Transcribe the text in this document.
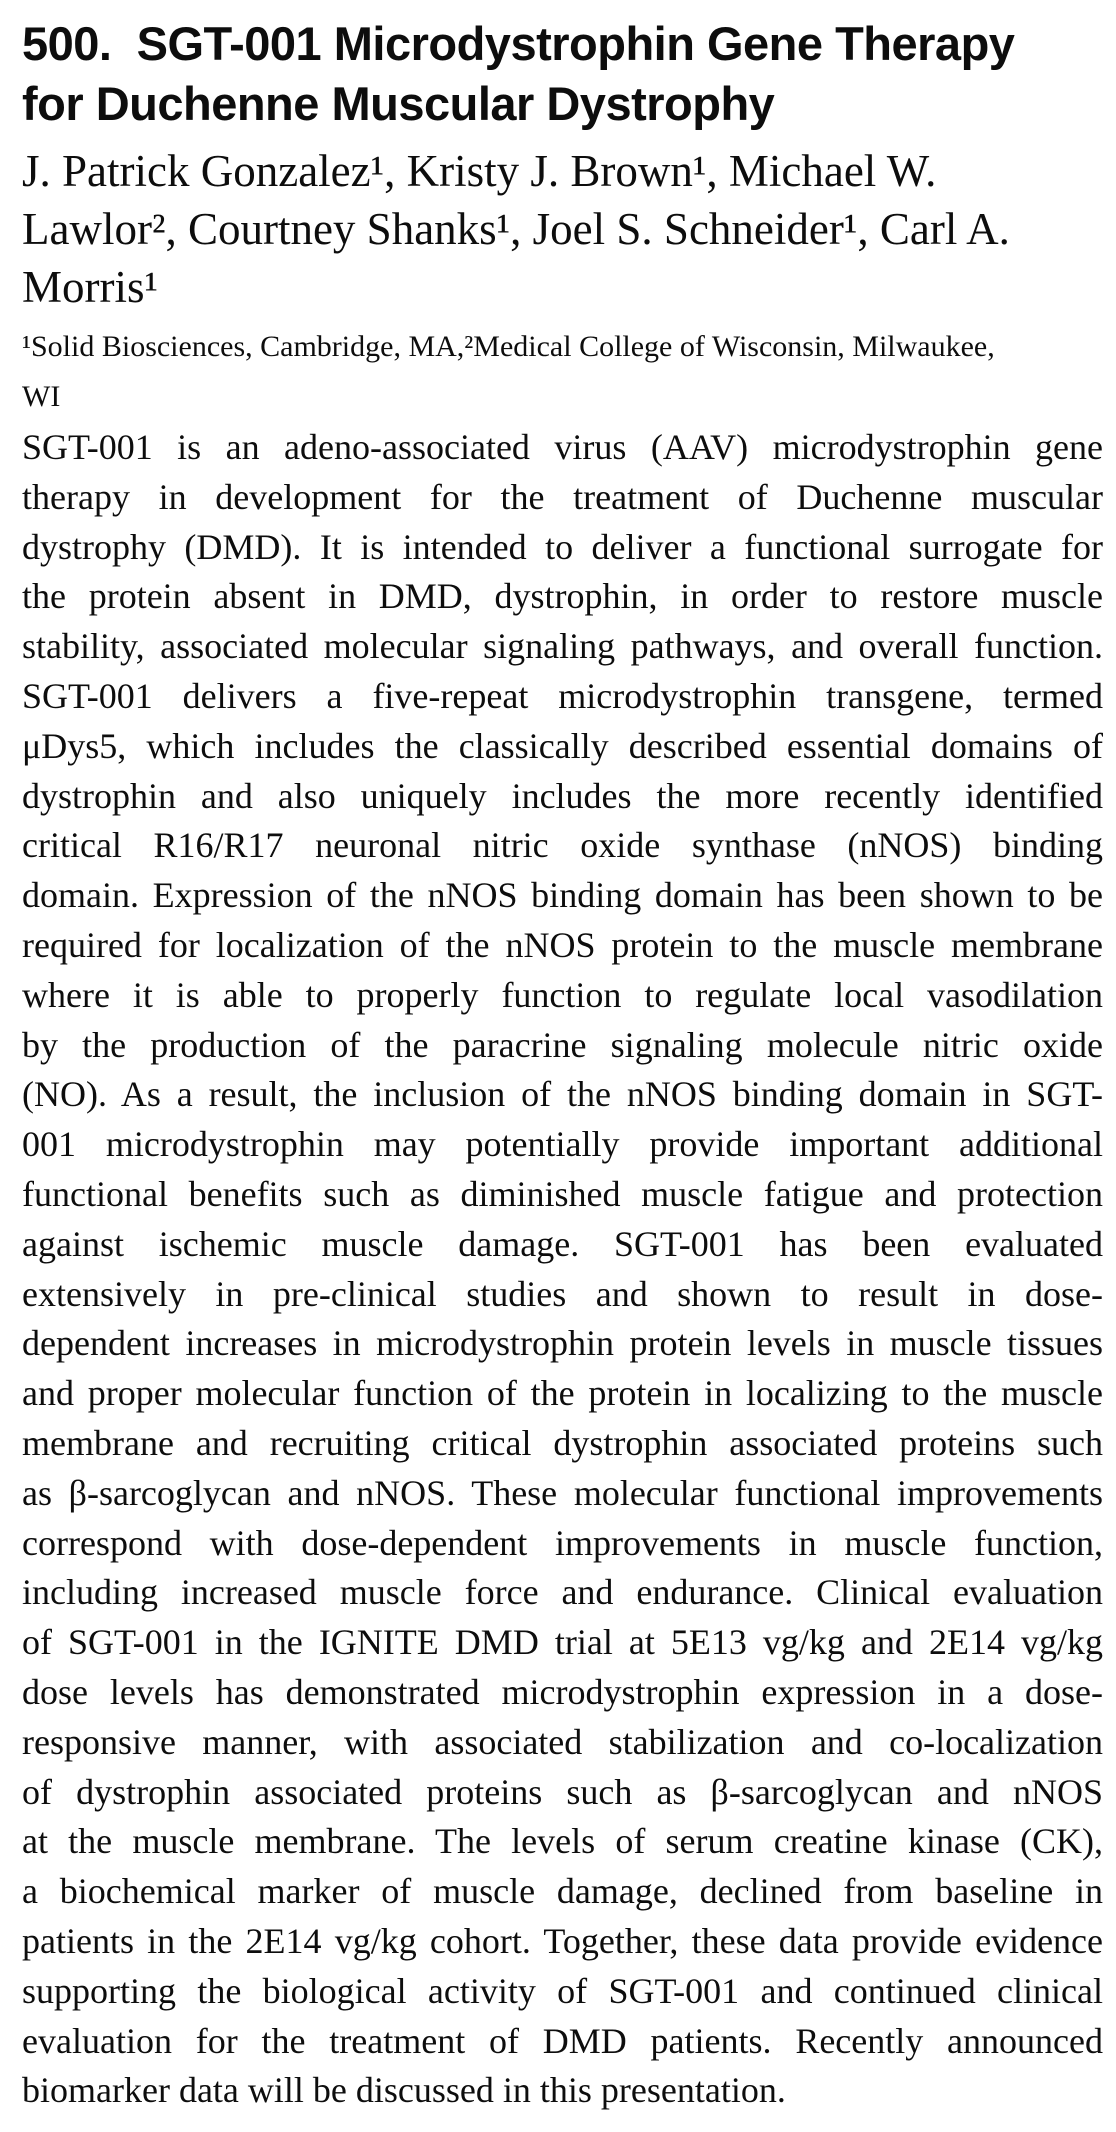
500.  SGT-001 Microdystrophin Gene Therapy
for Duchenne Muscular Dystrophy
J. Patrick Gonzalez¹, Kristy J. Brown¹, Michael W.
Lawlor², Courtney Shanks¹, Joel S. Schneider¹, Carl A.
Morris¹
¹Solid Biosciences, Cambridge, MA,²Medical College of Wisconsin, Milwaukee,
WI
SGT-001 is an adeno-associated virus (AAV) microdystrophin gene
therapy in development for the treatment of Duchenne muscular
dystrophy (DMD). It is intended to deliver a functional surrogate for
the protein absent in DMD, dystrophin, in order to restore muscle
stability, associated molecular signaling pathways, and overall function.
SGT-001 delivers a five-repeat microdystrophin transgene, termed
μDys5, which includes the classically described essential domains of
dystrophin and also uniquely includes the more recently identified
critical R16/R17 neuronal nitric oxide synthase (nNOS) binding
domain. Expression of the nNOS binding domain has been shown to be
required for localization of the nNOS protein to the muscle membrane
where it is able to properly function to regulate local vasodilation
by the production of the paracrine signaling molecule nitric oxide
(NO). As a result, the inclusion of the nNOS binding domain in SGT-
001 microdystrophin may potentially provide important additional
functional benefits such as diminished muscle fatigue and protection
against ischemic muscle damage. SGT-001 has been evaluated
extensively in pre-clinical studies and shown to result in dose-
dependent increases in microdystrophin protein levels in muscle tissues
and proper molecular function of the protein in localizing to the muscle
membrane and recruiting critical dystrophin associated proteins such
as β-sarcoglycan and nNOS. These molecular functional improvements
correspond with dose-dependent improvements in muscle function,
including increased muscle force and endurance. Clinical evaluation
of SGT-001 in the IGNITE DMD trial at 5E13 vg/kg and 2E14 vg/kg
dose levels has demonstrated microdystrophin expression in a dose-
responsive manner, with associated stabilization and co-localization
of dystrophin associated proteins such as β-sarcoglycan and nNOS
at the muscle membrane. The levels of serum creatine kinase (CK),
a biochemical marker of muscle damage, declined from baseline in
patients in the 2E14 vg/kg cohort. Together, these data provide evidence
supporting the biological activity of SGT-001 and continued clinical
evaluation for the treatment of DMD patients. Recently announced
biomarker data will be discussed in this presentation.
